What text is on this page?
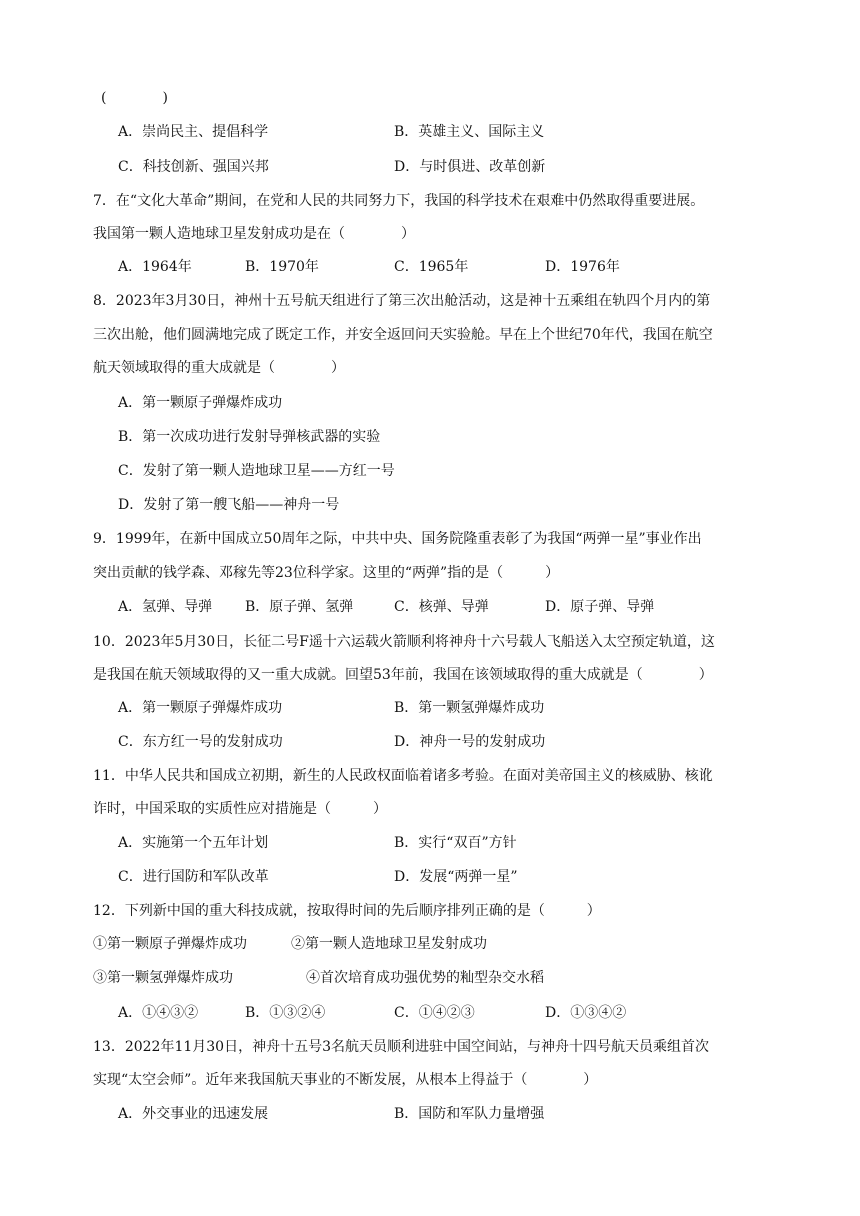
(　　　　)
A．崇尚民主、提倡科学	B．英雄主义、国际主义
C．科技创新、强国兴邦	D．与时俱进、改革创新
7．在“文化大革命”期间，在党和人民的共同努力下，我国的科学技术在艰难中仍然取得重要进展。
我国第一颗人造地球卫星发射成功是在（　　　　）
A．1964年	B．1970年	C．1965年	D．1976年
8．2023年3月30日，神州十五号航天组进行了第三次出舱活动，这是神十五乘组在轨四个月内的第
三次出舱，他们圆满地完成了既定工作，并安全返回问天实验舱。早在上个世纪70年代，我国在航空
航天领域取得的重大成就是（　　　　）
A．第一颗原子弹爆炸成功
B．第一次成功进行发射导弹核武器的实验
C．发射了第一颗人造地球卫星——方红一号
D．发射了第一艘飞船——神舟一号
9．1999年，在新中国成立50周年之际，中共中央、国务院隆重表彰了为我国“两弹一星”事业作出
突出贡献的钱学森、邓稼先等23位科学家。这里的“两弹”指的是（　　　）
A．氢弹、导弹 B．原子弹、氢弹	C．核弹、导弹	D．原子弹、导弹
10．2023年5月30日，长征二号F遥十六运载火箭顺利将神舟十六号载人飞船送入太空预定轨道，这
是我国在航天领域取得的又一重大成就。回望53年前，我国在该领域取得的重大成就是（　　　　）
A．第一颗原子弹爆炸成功	B．第一颗氢弹爆炸成功
C．东方红一号的发射成功	D．神舟一号的发射成功
11．中华人民共和国成立初期，新生的人民政权面临着诸多考验。在面对美帝国主义的核威胁、核讹
诈时，中国采取的实质性应对措施是（　　　）
A．实施第一个五年计划	B．实行“双百”方针
C．进行国防和军队改革	D．发展“两弹一星”
12．下列新中国的重大科技成就，按取得时间的先后顺序排列正确的是（　　　）
①第一颗原子弹爆炸成功	②第一颗人造地球卫星发射成功
③第一颗氢弹爆炸成功	④首次培育成功强优势的籼型杂交水稻
A．①④③②	B．①③②④	C．①④②③	D．①③④②
13．2022年11月30日，神舟十五号3名航天员顺利进驻中国空间站，与神舟十四号航天员乘组首次
实现“太空会师”。近年来我国航天事业的不断发展，从根本上得益于（　　　　）
A．外交事业的迅速发展	B．国防和军队力量增强
